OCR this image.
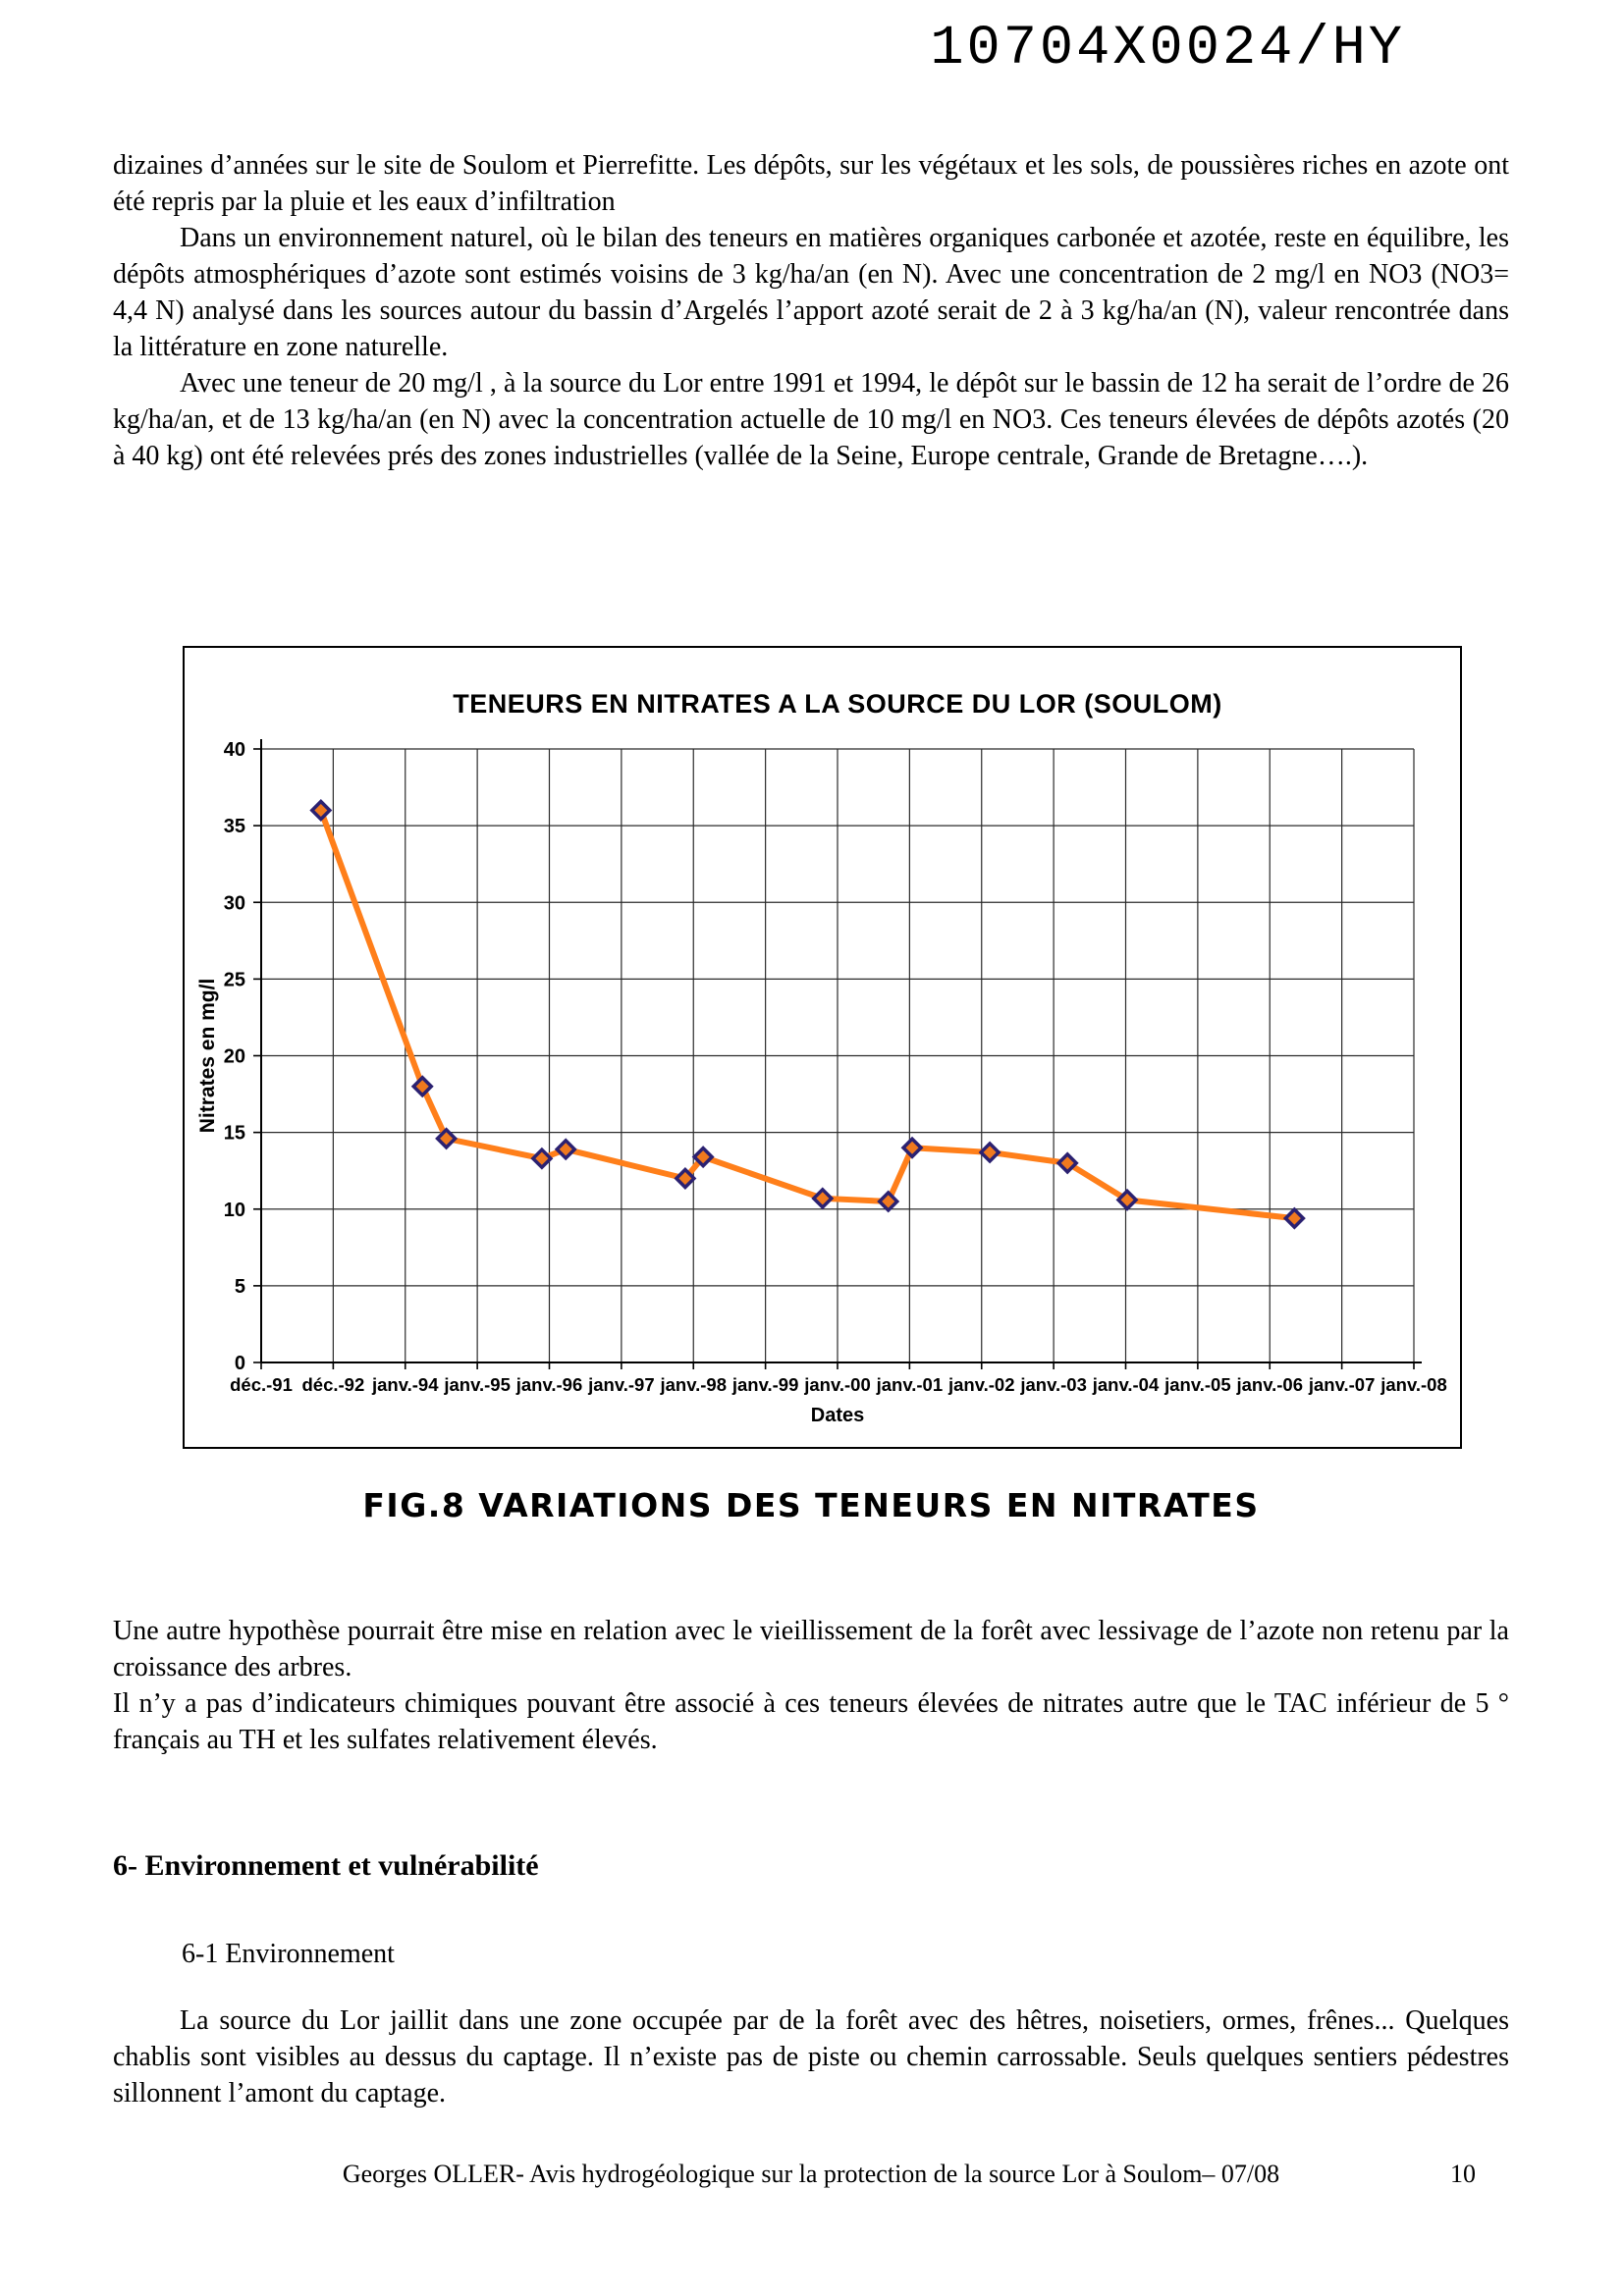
10704X0024/HY

dizaines d’années sur le site de Soulom et Pierrefitte. Les dépôts, sur les végétaux et les sols, de poussières riches en azote ont été repris par la pluie et les eaux d’infiltration

Dans un environnement naturel, où le bilan des teneurs en matières organiques carbonée et azotée, reste en équilibre, les dépôts atmosphériques d’azote sont estimés voisins de 3 kg/ha/an (en N). Avec une concentration de 2 mg/l en NO3 (NO3= 4,4 N) analysé dans les sources autour du bassin d’Argelés l’apport azoté serait de 2 à 3 kg/ha/an (N), valeur rencontrée dans la littérature en zone naturelle.

Avec une teneur de 20 mg/l , à la source du Lor entre 1991 et 1994, le dépôt sur le bassin de 12 ha serait de l’ordre de 26 kg/ha/an, et de 13 kg/ha/an (en N) avec la concentration actuelle de 10 mg/l en NO3. Ces teneurs élevées de dépôts azotés (20 à 40 kg) ont été relevées prés des zones industrielles (vallée de la Seine, Europe centrale, Grande de Bretagne….).

déc.-91 déc.-92 janv.-94 janv.-95 janv.-96 janv.-97 janv.-98 janv.-99 janv.-00 janv.-01 janv.-02 janv.-03 janv.-04 janv.-05 janv.-06 janv.-07 janv.-08
0
5
10
15
20
25
30
35
40
TENEURS EN NITRATES A LA SOURCE DU LOR (SOULOM)
Dates
Nitrates en mg/l
FIG.8 VARIATIONS DES TENEURS EN NITRATES

Une autre hypothèse pourrait être mise en relation avec le vieillissement de la forêt avec lessivage de l’azote non retenu par la croissance des arbres.

Il n’y a pas d’indicateurs chimiques pouvant être associé à ces teneurs élevées de nitrates autre que le TAC inférieur de 5 ° français au TH et les sulfates relativement élevés.

6- Environnement et vulnérabilité
6-1 Environnement

La source du Lor jaillit dans une zone occupée par de la forêt avec des hêtres, noisetiers, ormes, frênes... Quelques chablis sont visibles au dessus du captage. Il n’existe pas de piste ou chemin carrossable. Seuls quelques sentiers pédestres sillonnent l’amont du captage.

Georges OLLER- Avis hydrogéologique sur la protection de la source Lor à Soulom– 07/08	10
